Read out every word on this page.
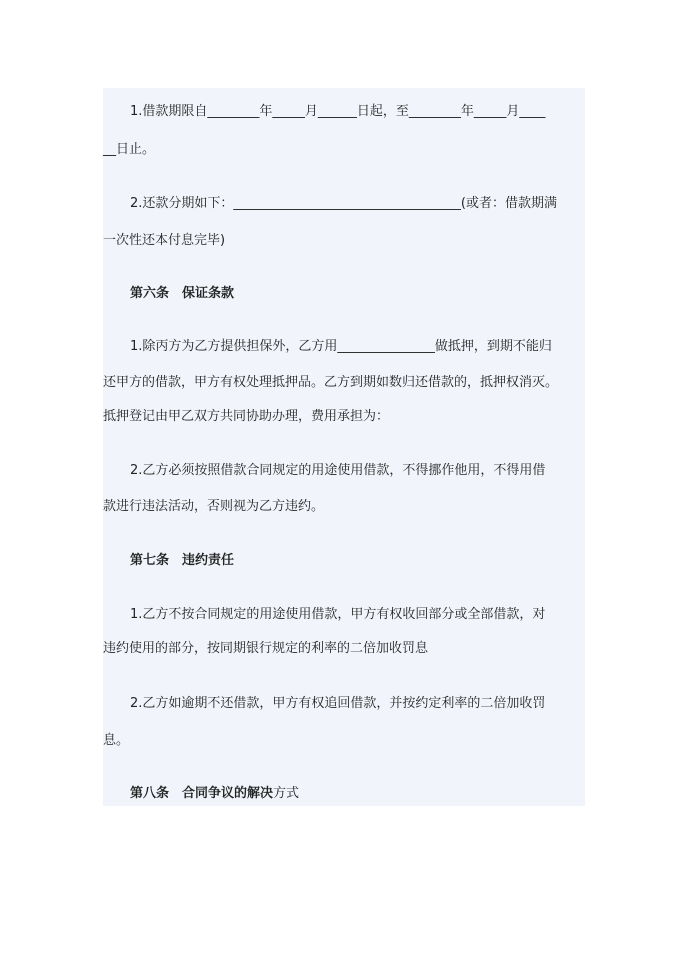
1.借款期限自________年_____月______日起，至________年_____月____
__日止。
2.还款分期如下：___________________________________(或者：借款期满
一次性还本付息完毕)
第六条　保证条款
1.除丙方为乙方提供担保外，乙方用_______________做抵押，到期不能归
还甲方的借款，甲方有权处理抵押品。乙方到期如数归还借款的，抵押权消灭。
抵押登记由甲乙双方共同协助办理，费用承担为：
2.乙方必须按照借款合同规定的用途使用借款，不得挪作他用，不得用借
款进行违法活动，否则视为乙方违约。
第七条　违约责任
1.乙方不按合同规定的用途使用借款，甲方有权收回部分或全部借款，对
违约使用的部分，按同期银行规定的利率的二倍加收罚息
2.乙方如逾期不还借款，甲方有权追回借款，并按约定利率的二倍加收罚
息。
第八条　合同争议的解决方式
